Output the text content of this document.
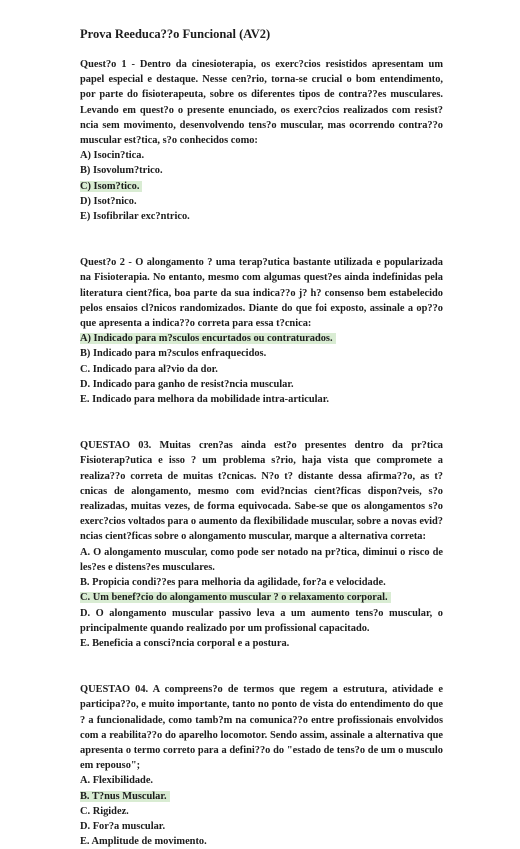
Prova Reeduca??o Funcional (AV2)

Quest?o 1 - Dentro da cinesioterapia, os exerc?cios resistidos apresentam um papel especial e destaque. Nesse cen?rio, torna-se crucial o bom entendimento, por parte do fisioterapeuta, sobre os diferentes tipos de contra??es musculares. Levando em quest?o o presente enunciado, os exerc?cios realizados com resist?ncia sem movimento, desenvolvendo tens?o muscular, mas ocorrendo contra??o muscular est?tica, s?o conhecidos como:

A) Isocin?tica.
B) Isovolum?trico.
C) Isom?tico.
D) Isot?nico.
E) Isofibrilar exc?ntrico.

Quest?o 2 - O alongamento ? uma terap?utica bastante utilizada e popularizada na Fisioterapia. No entanto, mesmo com algumas quest?es ainda indefinidas pela literatura cient?fica, boa parte da sua indica??o j? h? consenso bem estabelecido pelos ensaios cl?nicos randomizados. Diante do que foi exposto, assinale a op??o que apresenta a indica??o correta para essa t?cnica:

A) Indicado para m?sculos encurtados ou contraturados.
B) Indicado para m?sculos enfraquecidos.
C. Indicado para al?vio da dor.
D. Indicado para ganho de resist?ncia muscular.
E. Indicado para melhora da mobilidade intra-articular.

QUESTAO 03. Muitas cren?as ainda est?o presentes dentro da pr?tica Fisioterap?utica e isso ? um problema s?rio, haja vista que compromete a realiza??o correta de muitas t?cnicas. N?o t? distante dessa afirma??o, as t?cnicas de alongamento, mesmo com evid?ncias cient?ficas dispon?veis, s?o realizadas, muitas vezes, de forma equivocada. Sabe-se que os alongamentos s?o exerc?cios voltados para o aumento da flexibilidade muscular, sobre a novas evid?ncias cient?ficas sobre o alongamento muscular, marque a alternativa correta:

A. O alongamento muscular, como pode ser notado na pr?tica, diminui o risco de les?es e distens?es musculares.
B. Propicia condi??es para melhoria da agilidade, for?a e velocidade.
C. Um benef?cio do alongamento muscular ? o relaxamento corporal.
D. O alongamento muscular passivo leva a um aumento tens?o muscular, o principalmente quando realizado por um profissional capacitado.
E. Beneficia a consci?ncia corporal e a postura.

QUESTAO 04. A compreens?o de termos que regem a estrutura, atividade e participa??o, e muito importante, tanto no ponto de vista do entendimento do que ? a funcionalidade, como tamb?m na comunica??o entre profissionais envolvidos com a reabilita??o do aparelho locomotor. Sendo assim, assinale a alternativa que apresenta o termo correto para a defini??o do "estado de tens?o de um o musculo em repouso";

A. Flexibilidade.
B. T?nus Muscular.
C. Rigidez.
D. For?a muscular.
E. Amplitude de movimento.
